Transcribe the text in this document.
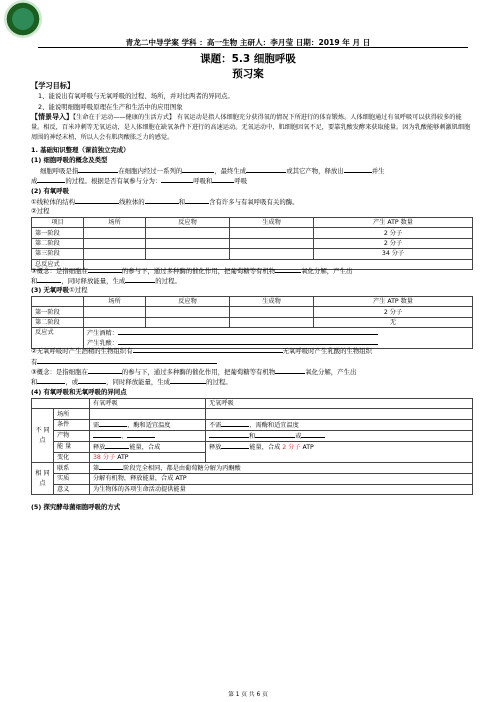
青龙二中导学案 学科 ：高一生物 主研人：李月莹 日期：2019 年 月 日
课题：5.3 细胞呼吸
预习案
【学习目标】
1、能说出有氧呼吸与无氧呼吸的过程、场所，并对比两者的异同点。
2、能说明细胞呼吸原理在生产和生活中的应用图象
【情景导入】【生命在于运动——健康的生活方式】 有氧运动是指人体细胞充分获得氧的情况下所进行的体育锻炼。人体细胞通过有氧呼吸可以获得较多的能量。相反，百米冲刺等无氧运动，是人体细胞在缺氧条件下进行的高速运动。无氧运动中，肌细胞因氧不足，要靠乳酸发酵来获取能量。因为乳酸能够刺激肌细胞周围的神经末梢，所以人会有肌肉酸胀乏力的感觉。
1. 基础知识整理（课前独立完成）
(1) 细胞呼吸的概念及类型
细胞呼吸是指	在细胞内经过一系列的	，最终生成	或其它产物，释放出	并生
成	的过程。根据是否有氧参与分为：	呼吸和	呼吸
(2) 有氧呼吸
①线粒体的结构	线粒体的	和	含有许多与有氧呼吸有关的酶。
②过程
项目	场所	反应物	生成物	产生 ATP 数量
第一阶段				2 分子
第二阶段				2 分子
第三阶段				34 分子
总反应式				
③概念：是指细胞在	的参与下，通过多种酶的催化作用，把葡萄糖等有机物	氧化分解，产生出
和	，同时释放能量，生成	的过程。
(3) 无氧呼吸①过程
	场所	反应物	生成物	产生 ATP 数量
第一阶段				2 分子
第二阶段				无
反应式	产生酒精：			
	产生乳酸：			
②无氧呼吸时产生酒精的生物组织有	无氧呼吸时产生乳酸的生物组织
有
③概念：是指细胞在	的参与下，通过多种酶的催化作用，把葡萄糖等有机物	氧化分解，产生出
和	，或	，同时释放能量，生成	的过程。
(4) 有氧呼吸和无氧呼吸的异同点
		有氧呼吸	无氧呼吸
不 同 点	场所		
	条件	需 、酶和适宜温度	不需 、需酶和适宜温度
	产物	、	和 或
	能 量	释放 能量，合成	释放 能量，合成 2 分子 ATP
	变化	38 分子 ATP	
相 同 点	联系	第 阶段完全相同，都是由葡萄糖分解为丙酮酸	
	实质	分解有机物，释放能量，合成 ATP	
	意义	为生物体的各项生命活动提供能量	
(5) 探究酵母菌细胞呼吸的方式
第 1 页 共 6 页
